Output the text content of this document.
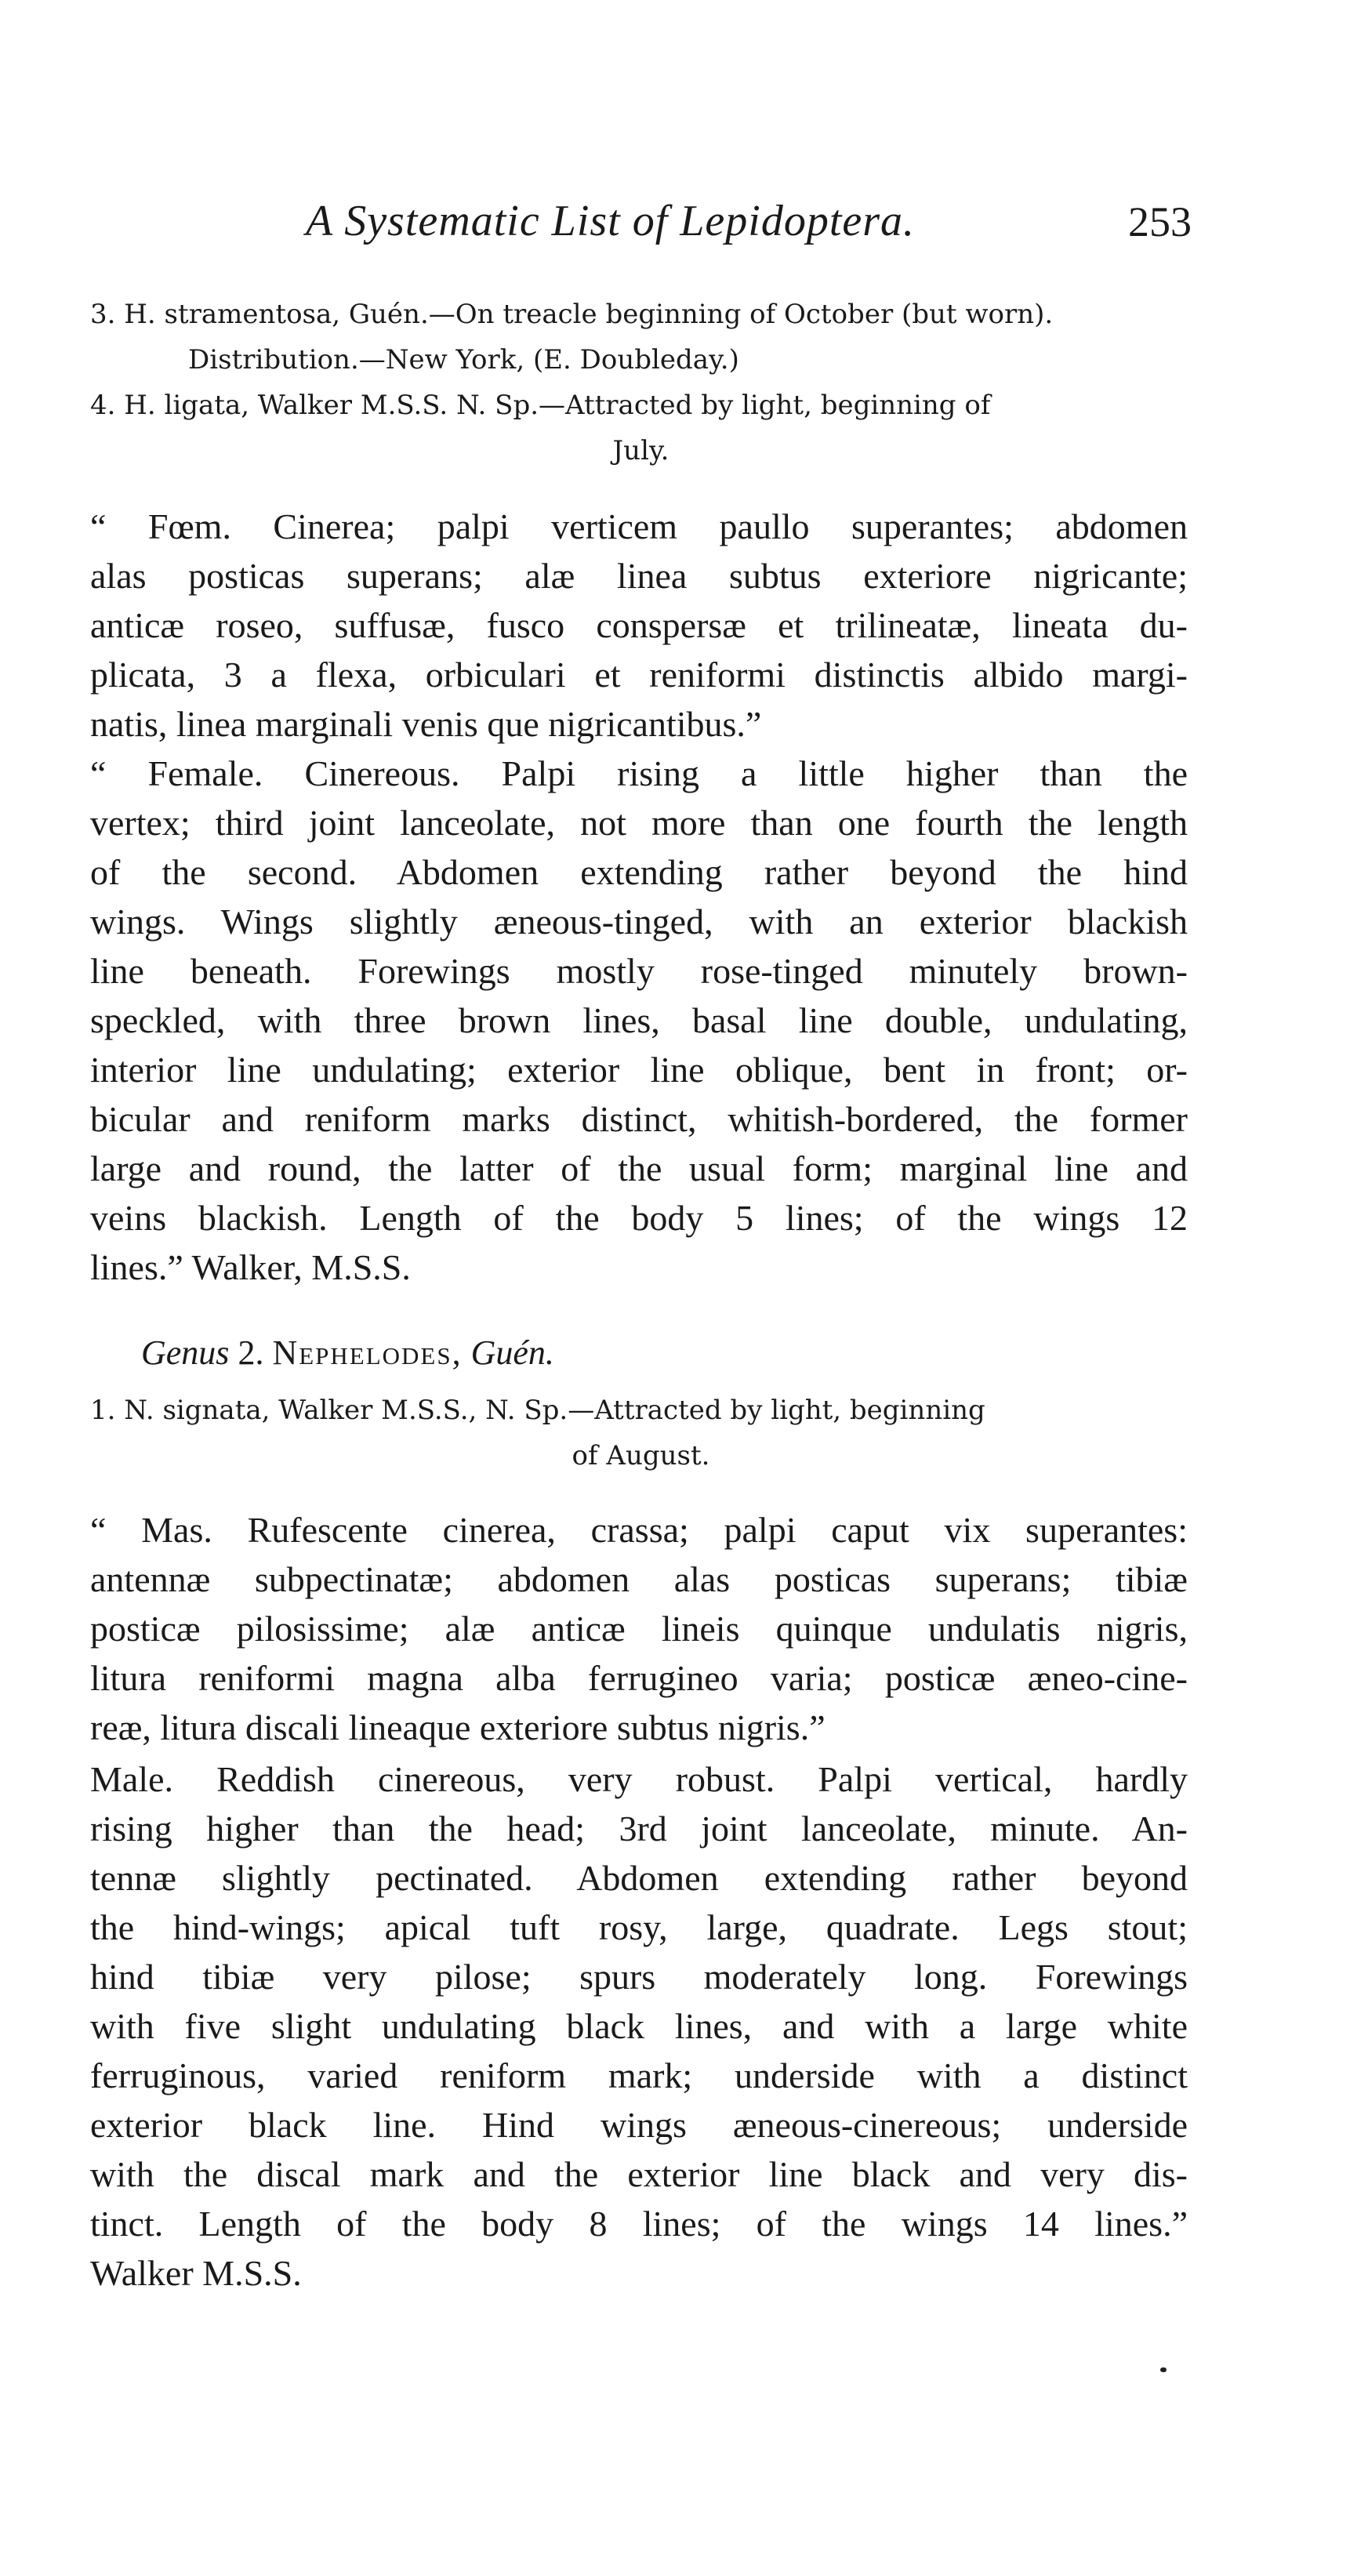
A Systematic List of Lepidoptera.	253
3. H. stramentosa, Guén.—On treacle beginning of October (but worn).
Distribution.—New York, (E. Doubleday.)
4. H. ligata, Walker M.S.S. N. Sp.—Attracted by light, beginning of
July.
“ Fœm. Cinerea; palpi verticem paullo superantes; abdomen
alas posticas superans; alæ linea subtus exteriore nigricante;
anticæ roseo, suffusæ, fusco conspersæ et trilineatæ, lineata du-
plicata, 3 a flexa, orbiculari et reniformi distinctis albido margi-
natis, linea marginali venis que nigricantibus.”
“ Female. Cinereous. Palpi rising a little higher than the
vertex; third joint lanceolate, not more than one fourth the length
of the second. Abdomen extending rather beyond the hind
wings. Wings slightly æneous-tinged, with an exterior blackish
line beneath. Forewings mostly rose-tinged minutely brown-
speckled, with three brown lines, basal line double, undulating,
interior line undulating; exterior line oblique, bent in front; or-
bicular and reniform marks distinct, whitish-bordered, the former
large and round, the latter of the usual form; marginal line and
veins blackish. Length of the body 5 lines; of the wings 12
lines.” Walker, M.S.S.
Genus 2. Nephelodes, Guén.
1. N. signata, Walker M.S.S., N. Sp.—Attracted by light, beginning
of August.
“ Mas. Rufescente cinerea, crassa; palpi caput vix superantes:
antennæ subpectinatæ; abdomen alas posticas superans; tibiæ
posticæ pilosissime; alæ anticæ lineis quinque undulatis nigris,
litura reniformi magna alba ferrugineo varia; posticæ æneo-cine-
reæ, litura discali lineaque exteriore subtus nigris.”
Male. Reddish cinereous, very robust. Palpi vertical, hardly
rising higher than the head; 3rd joint lanceolate, minute. An-
tennæ slightly pectinated. Abdomen extending rather beyond
the hind-wings; apical tuft rosy, large, quadrate. Legs stout;
hind tibiæ very pilose; spurs moderately long. Forewings
with five slight undulating black lines, and with a large white
ferruginous, varied reniform mark; underside with a distinct
exterior black line. Hind wings æneous-cinereous; underside
with the discal mark and the exterior line black and very dis-
tinct. Length of the body 8 lines; of the wings 14 lines.”
Walker M.S.S.
